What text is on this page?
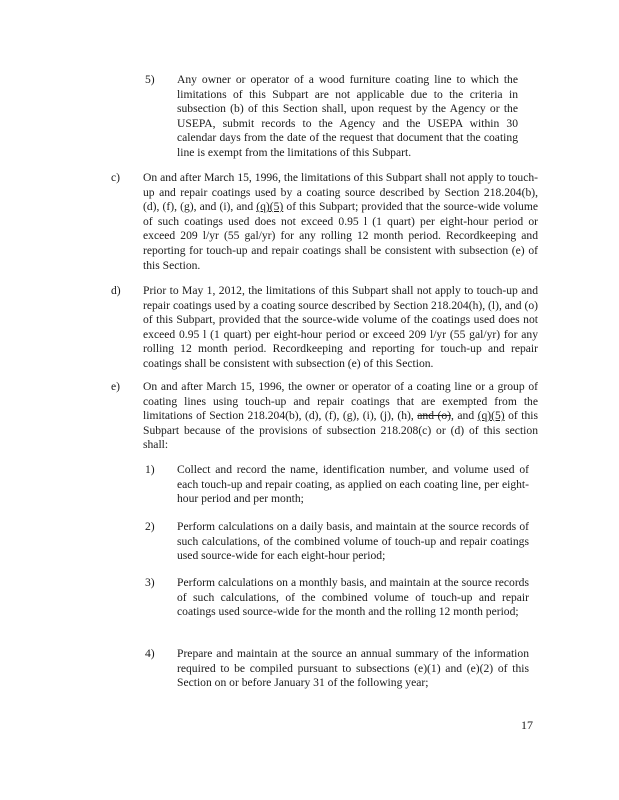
5)	Any owner or operator of a wood furniture coating line to which the limitations of this Subpart are not applicable due to the criteria in subsection (b) of this Section shall, upon request by the Agency or the USEPA, submit records to the Agency and the USEPA within 30 calendar days from the date of the request that document that the coating line is exempt from the limitations of this Subpart.
c)	On and after March 15, 1996, the limitations of this Subpart shall not apply to touch-up and repair coatings used by a coating source described by Section 218.204(b), (d), (f), (g), and (i), and (q)(5) of this Subpart; provided that the source-wide volume of such coatings used does not exceed 0.95 l (1 quart) per eight-hour period or exceed 209 l/yr (55 gal/yr) for any rolling 12 month period. Recordkeeping and reporting for touch-up and repair coatings shall be consistent with subsection (e) of this Section.
d)	Prior to May 1, 2012, the limitations of this Subpart shall not apply to touch-up and repair coatings used by a coating source described by Section 218.204(h), (l), and (o) of this Subpart, provided that the source-wide volume of the coatings used does not exceed 0.95 l (1 quart) per eight-hour period or exceed 209 l/yr (55 gal/yr) for any rolling 12 month period. Recordkeeping and reporting for touch-up and repair coatings shall be consistent with subsection (e) of this Section.
e)	On and after March 15, 1996, the owner or operator of a coating line or a group of coating lines using touch-up and repair coatings that are exempted from the limitations of Section 218.204(b), (d), (f), (g), (i), (j), (h), and (o), and (q)(5) of this Subpart because of the provisions of subsection 218.208(c) or (d) of this section shall:
1)	Collect and record the name, identification number, and volume used of each touch-up and repair coating, as applied on each coating line, per eight-hour period and per month;
2)	Perform calculations on a daily basis, and maintain at the source records of such calculations, of the combined volume of touch-up and repair coatings used source-wide for each eight-hour period;
3)	Perform calculations on a monthly basis, and maintain at the source records of such calculations, of the combined volume of touch-up and repair coatings used source-wide for the month and the rolling 12 month period;
4)	Prepare and maintain at the source an annual summary of the information required to be compiled pursuant to subsections (e)(1) and (e)(2) of this Section on or before January 31 of the following year;
17
